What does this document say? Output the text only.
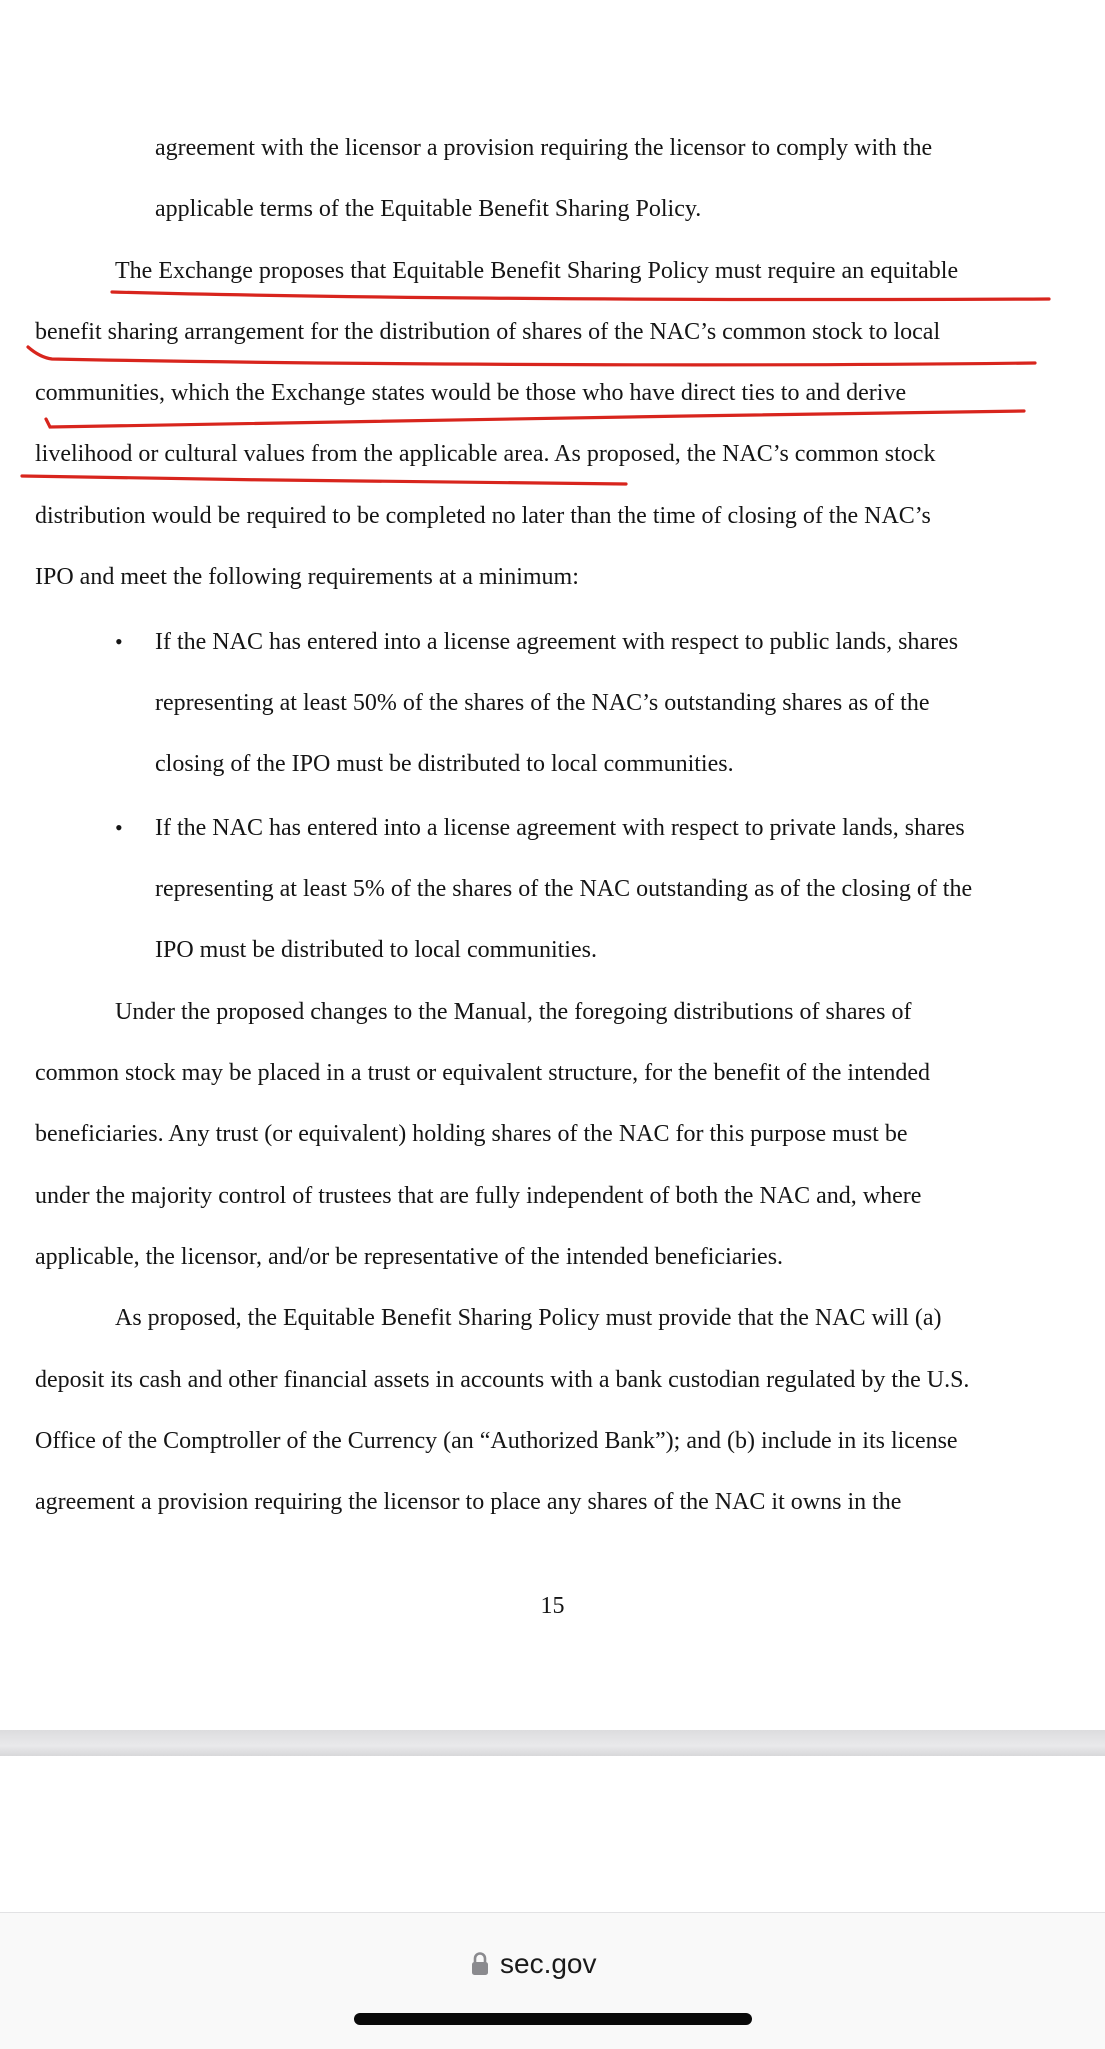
agreement with the licensor a provision requiring the licensor to comply with the
applicable terms of the Equitable Benefit Sharing Policy.
The Exchange proposes that Equitable Benefit Sharing Policy must require an equitable
benefit sharing arrangement for the distribution of shares of the NAC’s common stock to local
communities, which the Exchange states would be those who have direct ties to and derive
livelihood or cultural values from the applicable area. As proposed, the NAC’s common stock
distribution would be required to be completed no later than the time of closing of the NAC’s
IPO and meet the following requirements at a minimum:
• If the NAC has entered into a license agreement with respect to public lands, shares
representing at least 50% of the shares of the NAC’s outstanding shares as of the
closing of the IPO must be distributed to local communities.
• If the NAC has entered into a license agreement with respect to private lands, shares
representing at least 5% of the shares of the NAC outstanding as of the closing of the
IPO must be distributed to local communities.
Under the proposed changes to the Manual, the foregoing distributions of shares of
common stock may be placed in a trust or equivalent structure, for the benefit of the intended
beneficiaries. Any trust (or equivalent) holding shares of the NAC for this purpose must be
under the majority control of trustees that are fully independent of both the NAC and, where
applicable, the licensor, and/or be representative of the intended beneficiaries.
As proposed, the Equitable Benefit Sharing Policy must provide that the NAC will (a)
deposit its cash and other financial assets in accounts with a bank custodian regulated by the U.S.
Office of the Comptroller of the Currency (an “Authorized Bank”); and (b) include in its license
agreement a provision requiring the licensor to place any shares of the NAC it owns in the
15
sec.gov
